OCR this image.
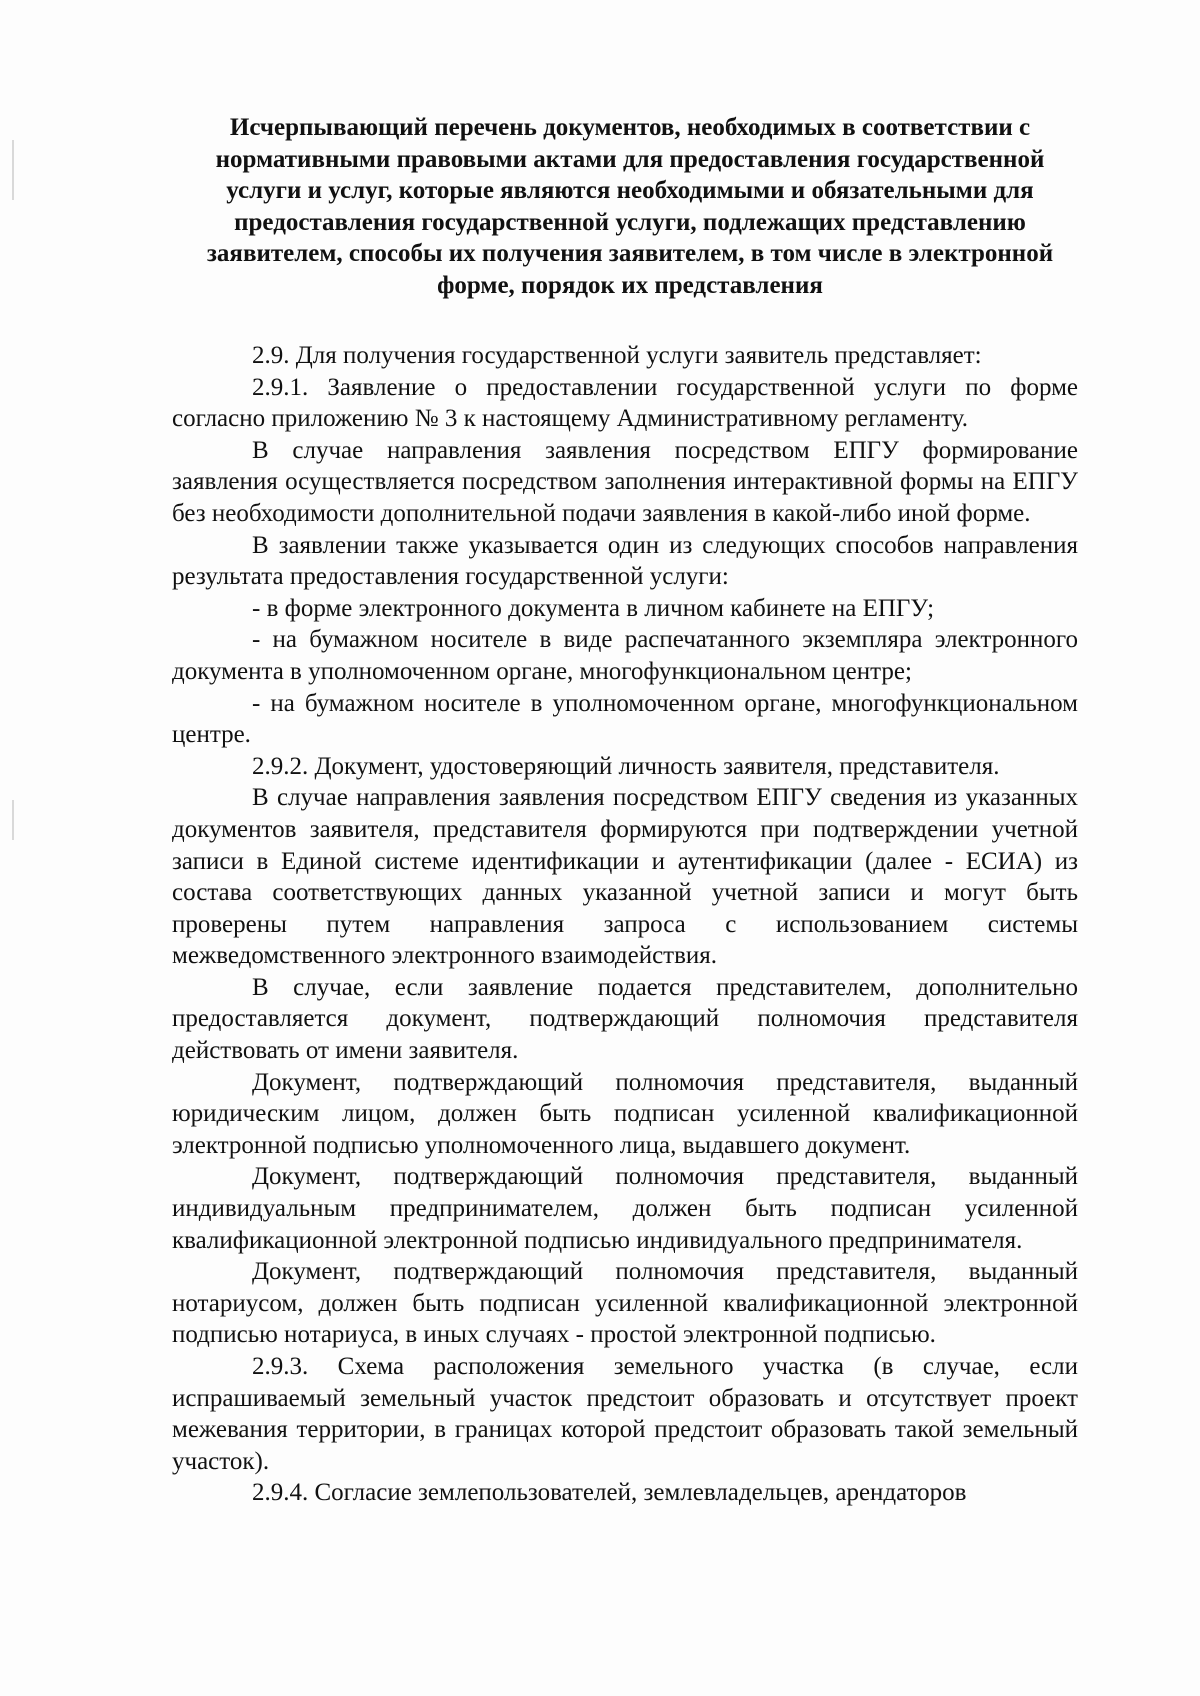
Исчерпывающий перечень документов, необходимых в соответствии с нормативными правовыми актами для предоставления государственной услуги и услуг, которые являются необходимыми и обязательными для предоставления государственной услуги, подлежащих представлению заявителем, способы их получения заявителем, в том числе в электронной форме, порядок их представления

2.9. Для получения государственной услуги заявитель представляет:

2.9.1. Заявление о предоставлении государственной услуги по форме согласно приложению № 3 к настоящему Административному регламенту.

В случае направления заявления посредством ЕПГУ формирование заявления осуществляется посредством заполнения интерактивной формы на ЕПГУ без необходимости дополнительной подачи заявления в какой-либо иной форме.

В заявлении также указывается один из следующих способов направления результата предоставления государственной услуги:

- в форме электронного документа в личном кабинете на ЕПГУ;

- на бумажном носителе в виде распечатанного экземпляра электронного документа в уполномоченном органе, многофункциональном центре;

- на бумажном носителе в уполномоченном органе, многофункциональном центре.

2.9.2. Документ, удостоверяющий личность заявителя, представителя.

В случае направления заявления посредством ЕПГУ сведения из указанных документов заявителя, представителя формируются при подтверждении учетной записи в Единой системе идентификации и аутентификации (далее - ЕСИА) из состава соответствующих данных указанной учетной записи и могут быть проверены путем направления запроса с использованием системы межведомственного электронного взаимодействия.

В случае, если заявление подается представителем, дополнительно предоставляется документ, подтверждающий полномочия представителя действовать от имени заявителя.

Документ, подтверждающий полномочия представителя, выданный юридическим лицом, должен быть подписан усиленной квалификационной электронной подписью уполномоченного лица, выдавшего документ.

Документ, подтверждающий полномочия представителя, выданный индивидуальным предпринимателем, должен быть подписан усиленной квалификационной электронной подписью индивидуального предпринимателя.

Документ, подтверждающий полномочия представителя, выданный нотариусом, должен быть подписан усиленной квалификационной электронной подписью нотариуса, в иных случаях - простой электронной подписью.

2.9.3. Схема расположения земельного участка (в случае, если испрашиваемый земельный участок предстоит образовать и отсутствует проект межевания территории, в границах которой предстоит образовать такой земельный участок).

2.9.4. Согласие землепользователей, землевладельцев, арендаторов
